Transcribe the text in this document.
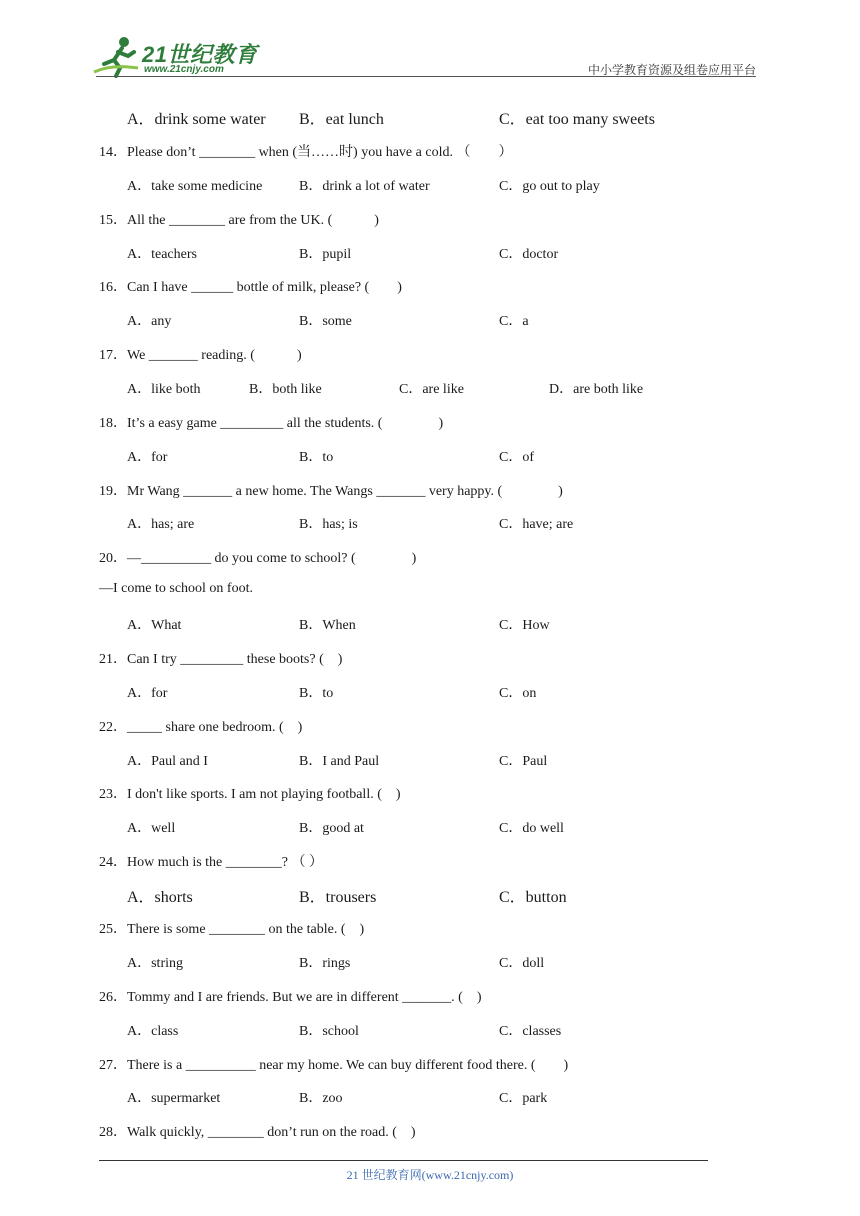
21世纪教育
www.21cnjy.com	中小学教育资源及组卷应用平台
A．drink some water B．eat lunch	C．eat too many sweets
14．Please don’t ________ when (当……时) you have a cold. （　　）
A．take some medicine	B．drink a lot of water	C．go out to play
15．All the ________ are from the UK. (　　　)
A．teachers	B．pupil	C．doctor
16．Can I have ______ bottle of milk, please? (　　)
A．any	B．some	C．a
17．We _______ reading. (　　　)
A．like both	B．both like	C．are like	D．are both like
18．It’s a easy game _________ all the students. (　　　　)
A．for	B．to	C．of
19．Mr Wang _______ a new home. The Wangs _______ very happy. (　　　　)
A．has; are	B．has; is	C．have; are
20．—__________ do you come to school? (　　　　)
—I come to school on foot.
A．What	B．When	C．How
21．Can I try _________ these boots? (　)
A．for	B．to	C．on
22．_____ share one bedroom. (　)
A．Paul and I	B．I and Paul	C．Paul
23．I don't like sports. I am not playing football. (　)
A．well	B．good at	C．do well
24．How much is the ________? （ ）
A．shorts	B．trousers	C．button
25．There is some ________ on the table. (　)
A．string	B．rings	C．doll
26．Tommy and I are friends. But we are in different _______. (　)
A．class	B．school	C．classes
27．There is a __________ near my home. We can buy different food there. (　　)
A．supermarket	B．zoo	C．park
28．Walk quickly, ________ don’t run on the road. (　)
21 世纪教育网(www.21cnjy.com)
